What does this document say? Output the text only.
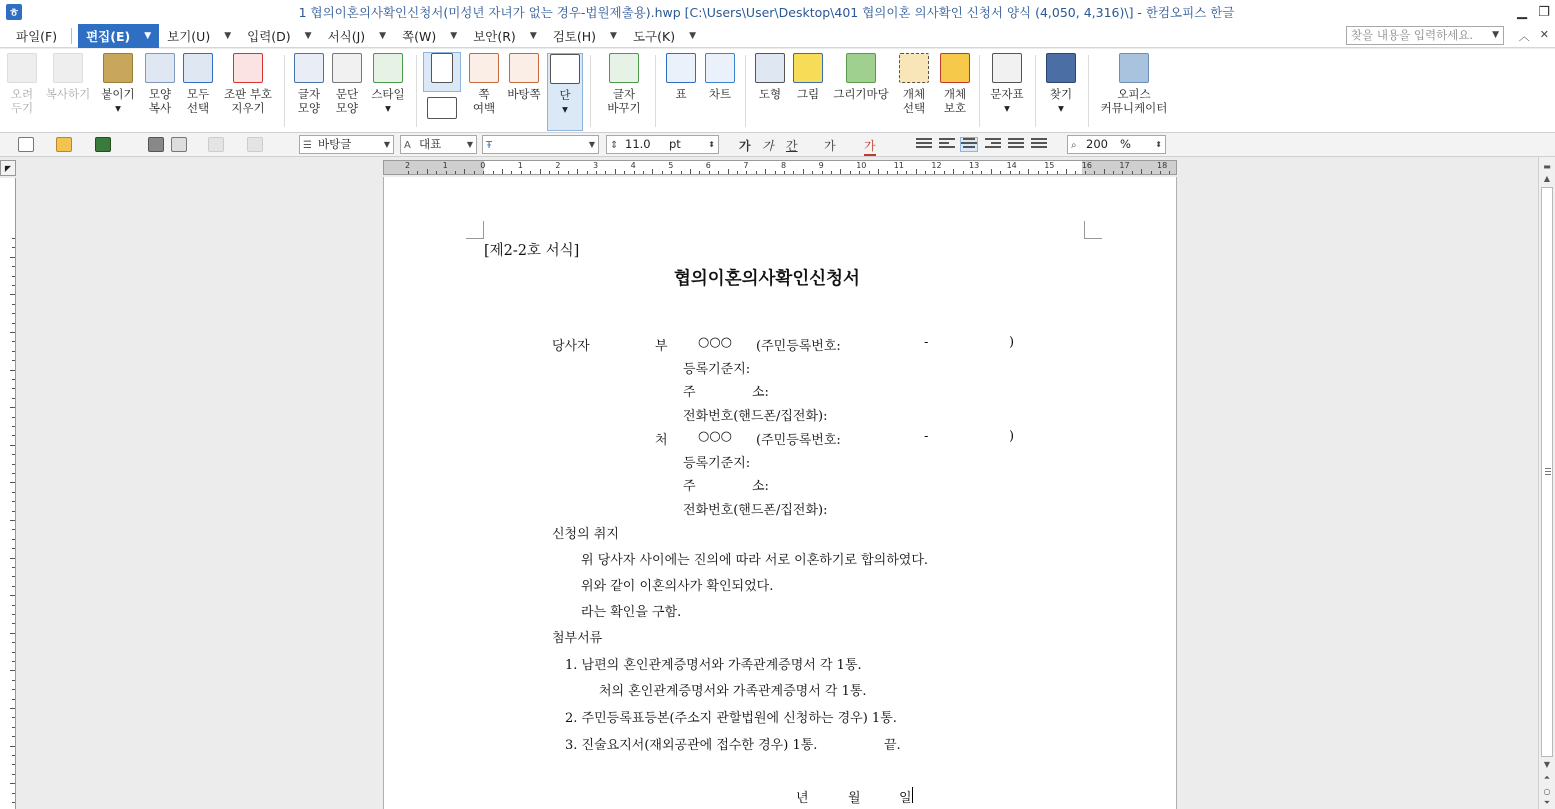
ㅎ	1 협의이혼의사확인신청서(미성년 자녀가 없는 경우-법원제출용).hwp [C:\Users\User\Desktop\401 협의이혼 의사확인 신청서 양식 (4,050, 4,316)\] - 한컴오피스 한글	▁ ❐
파일(F) 편집(E) ▼ 보기(U) ▼ 입력(D) ▼ 서식(J) ▼ 쪽(W) ▼ 보안(R) ▼ 검토(H) ▼ 도구(K) ▼	찾을 내용을 입력하세요. ▼ ︿ ✕
오려
두기
복사하기 붙이기
▾
모양
복사
모두
선택
조판 부호
지우기
글자
모양
문단
모양
스타일
▾
쪽
여백
바탕쪽 단
▾
글자
바꾸기
표 차트 도형 그림 그리기마당 개체
선택
개체
보호
문자표
▾
찾기
▾
오피스
커뮤니케이터
☰ 바탕글	▼ A 대표	▼ Ŧ	▼ ⇕ 11.0 pt	⬍ 가 가 간 가 가	⌕ 200 %	⬍
◤	2	1	0	1	2	3	4	5	6	7	8	9	10	11	12	13	14	15	16	17	18
[제2-2호 서식]
협의이혼의사확인신청서
당사자	부 ○○○ (주민등록번호:	-	)
등록기준지:
주	소:
전화번호(핸드폰/집전화):
처 ○○○ (주민등록번호:	-	)
등록기준지:
주	소:
전화번호(핸드폰/집전화):
신청의 취지
위 당사자 사이에는 진의에 따라 서로 이혼하기로 합의하였다.
위와 같이 이혼의사가 확인되었다.
라는 확인을 구함.
첨부서류
1. 남편의 혼인관계증명서와 가족관계증명서 각 1통.
처의 혼인관계증명서와 가족관계증명서 각 1통.
2. 주민등록표등본(주소지 관할법원에 신청하는 경우) 1통.
3. 진술요지서(재외공관에 접수한 경우) 1통.	끝.
년	월	일
▬
▲
▼
⏶
○
⏷
